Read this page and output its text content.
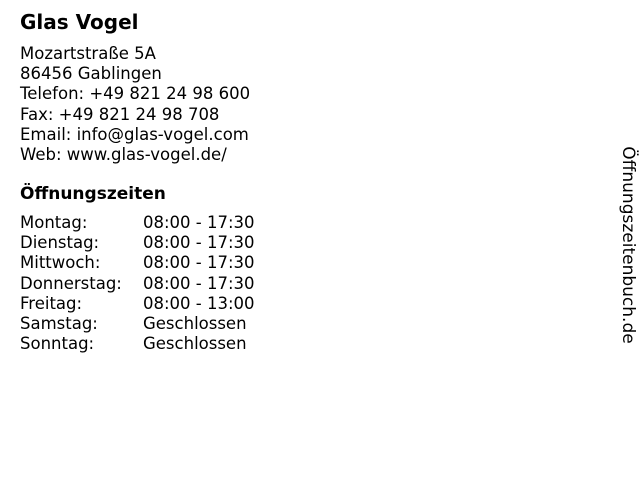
Glas Vogel
Mozartstraße 5A
86456 Gablingen
Telefon: +49 821 24 98 600
Fax: +49 821 24 98 708
Email: info@glas-vogel.com
Web: www.glas-vogel.de/
Öffnungszeiten
Montag:	08:00 - 17:30
Dienstag:	08:00 - 17:30
Mittwoch:	08:00 - 17:30
Donnerstag:	08:00 - 17:30
Freitag:	08:00 - 13:00
Samstag:	Geschlossen
Sonntag:	Geschlossen
Öffnungszeitenbuch.de
